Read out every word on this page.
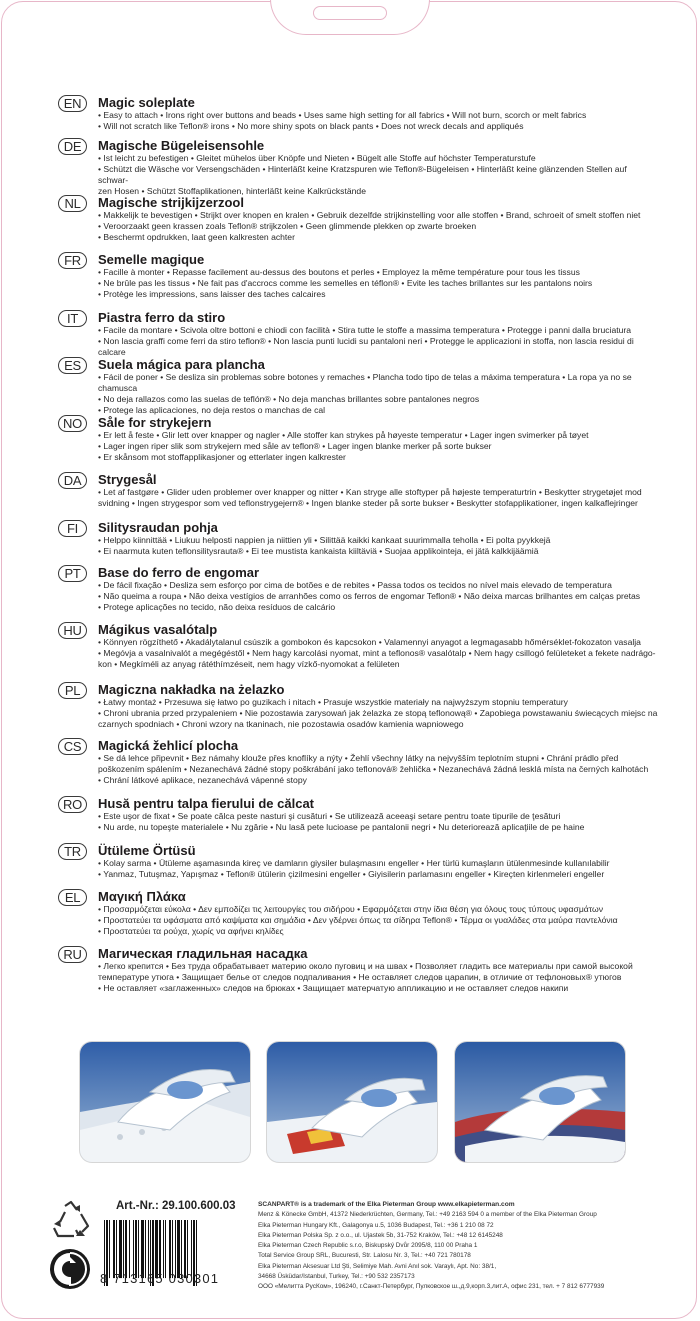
EN	Magic soleplate
• Easy to attach • Irons right over buttons and beads • Uses same high setting for all fabrics • Will not burn, scorch or melt fabrics
• Will not scratch like Teflon® irons • No more shiny spots on black pants • Does not wreck decals and appliqués
DE	Magische Bügeleisensohle
• Ist leicht zu befestigen • Gleitet mühelos über Knöpfe und Nieten • Bügelt alle Stoffe auf höchster Temperaturstufe
• Schützt die Wäsche vor Versengschäden • Hinterläßt keine Kratzspuren wie Teflon®-Bügeleisen • Hinterläßt keine glänzenden Stellen auf schwar-
zen Hosen • Schützt Stoffaplikationen, hinterläßt keine Kalkrückstände
NL	Magische strijkijzerzool
• Makkelijk te bevestigen • Strijkt over knopen en kralen • Gebruik dezelfde strijkinstelling voor alle stoffen • Brand, schroeit of smelt stoffen niet
• Veroorzaakt geen krassen zoals Teflon® strijkzolen • Geen glimmende plekken op zwarte broeken
• Beschermt opdrukken, laat geen kalkresten achter
FR	Semelle magique
• Facille à monter • Repasse facilement au-dessus des boutons et perles • Employez la même température pour tous les tissus
• Ne brûle pas les tissus • Ne fait pas d'accrocs comme les semelles en téflon® • Evite les taches brillantes sur les pantalons noirs
• Protège les impressions, sans laisser des taches calcaires
IT	Piastra ferro da stiro
• Facile da montare • Scivola oltre bottoni e chiodi con facilità • Stira tutte le stoffe a massima temperatura • Protegge i panni dalla bruciatura
• Non lascia graffi come ferri da stiro teflon® • Non lascia punti lucidi su pantaloni neri • Protegge le applicazioni in stoffa, non lascia residui di calcare
ES	Suela mágica para plancha
• Fácil de poner • Se desliza sin problemas sobre botones y remaches • Plancha todo tipo de telas a máxima temperatura • La ropa ya no se chamusca
• No deja rallazos como las suelas de teflón® • No deja manchas brillantes sobre pantalones negros
• Protege las aplicaciones, no deja restos o manchas de cal
NO	Såle for strykejern
• Er lett å feste • Glir lett over knapper og nagler • Alle stoffer kan strykes på høyeste temperatur • Lager ingen svimerker på tøyet
• Lager ingen riper slik som strykejern med såle av teflon® • Lager ingen blanke merker på sorte bukser
• Er skånsom mot stoffapplikasjoner og etterlater ingen kalkrester
DA	Strygesål
• Let af fastgøre • Glider uden problemer over knapper og nitter • Kan stryge alle stoftyper på højeste temperaturtrin • Beskytter strygetøjet mod
svidning • Ingen strygespor som ved teflonstrygejern® • Ingen blanke steder på sorte bukser • Beskytter stofapplikationer, ingen kalkaflejringer
FI	Silitysraudan pohja
• Helppo kiinnittää • Liukuu helposti nappien ja niittien yli • Silittää kaikki kankaat suurimmalla teholla • Ei polta pyykkejä
• Ei naarmuta kuten teflonsilitysrauta® • Ei tee mustista kankaista kiiltäviä • Suojaa applikointeja, ei jätä kalkkijäämiä
PT	Base do ferro de engomar
• De fácil fixação • Desliza sem esforço por cima de botões e de rebites • Passa todos os tecidos no nível mais elevado de temperatura
• Não queima a roupa • Não deixa vestígios de arranhões como os ferros de engomar Teflon® • Não deixa marcas brilhantes em calças pretas
• Protege aplicações no tecido, não deixa resíduos de calcário
HU	Mágikus vasalótalp
• Könnyen rögzíthető • Akadálytalanul csúszik a gombokon és kapcsokon • Valamennyi anyagot a legmagasabb hőmérséklet-fokozaton vasalja
• Megóvja a vasalnivalót a megégéstől • Nem hagy karcolási nyomat, mint a teflonos® vasalótalp • Nem hagy csillogó felületeket a fekete nadrágo-
kon • Megkíméli az anyag rátéthímzéseit, nem hagy vízkő-nyomokat a felületen
PL	Magiczna nakładka na żelazko
• Łatwy montaż • Przesuwa się łatwo po guzikach i nitach • Prasuje wszystkie materiały na najwyższym stopniu temperatury
• Chroni ubrania przed przypaleniem • Nie pozostawia zarysowań jak żelazka ze stopą teflonową® • Zapobiega powstawaniu świecących miejsc na
czarnych spodniach • Chroni wzory na tkaninach, nie pozostawia osadów kamienia wapniowego
CS	Magická žehlicí plocha
• Se dá lehce připevnit • Bez námahy klouže přes knoflíky a nýty • Žehlí všechny látky na nejvyšším teplotním stupni • Chrání prádlo před
poškozením spálením • Nezanechává žádné stopy poškrábání jako teflonová® žehlička • Nezanechává žádná lesklá místa na černých kalhotách
• Chrání látkové aplikace, nezanechává vápenné stopy
RO	Husă pentru talpa fierului de călcat
• Este uşor de fixat • Se poate călca peste nasturi şi cusături • Se utilizează aceeaşi setare pentru toate tipurile de ţesături
• Nu arde, nu topeşte materialele • Nu zgârie • Nu lasă pete lucioase pe pantalonii negri • Nu deteriorează aplicaţiile de pe haine
TR	Ütüleme Örtüsü
• Kolay sarma • Ütüleme aşamasında kireç ve damların giysiler bulaşmasını engeller • Her türlü kumaşların ütülenmesinde kullanılabilir
• Yanmaz, Tutuşmaz, Yapışmaz • Teflon® ütülerin çizilmesini engeller • Giyisilerin parlamasını engeller • Kireçten kirlenmeleri engeller
EL	Μαγική Πλάκα
• Προσαρμόζεται εύκολα • Δεν εμποδίζει τις λειτουργίες του σιδήρου • Εφαρμόζεται στην ίδια θέση για όλους τους τύπους υφασμάτων
• Προστατεύει τα υφάσματα από καψίματα και σημάδια • Δεν γδέρνει όπως τα σίδηρα Teflon® • Τέρμα οι γυαλάδες στα μαύρα παντελόνια
• Προστατεύει τα ρούχα, χωρίς να αφήνει κηλίδες
RU	Магическая гладильная насадка
• Легко крепится • Без труда обрабатывает материю около пуговиц и на швах • Позволяет гладить все материалы при самой высокой
температуре утюга • Защищает белье от следов подпаливания • Не оставляет следов царапин, в отличие от тефлоновых® утюгов
• Не оставляет «заглаженных» следов на брюках • Защищает матерчатую аппликацию и не оставляет следов накипи
Art.-Nr.: 29.100.600.03
8 713165 030301
SCANPART® is a trademark of the Elka Pieterman Group www.elkapieterman.com
Menz & Könecke GmbH, 41372 Niederkrüchten, Germany, Tel.: +49 2163 594 0 a member of the Elka Pieterman Group
Elka Pieterman Hungary Kft., Galagonya u.5, 1036 Budapest, Tel.: +36 1 210 08 72
Elka Pieterman Polska Sp. z o.o., ul. Ujastek 5b, 31-752 Kraków, Tel.: +48 12 6145248
Elka Pieterman Czech Republic s.r.o, Biskupský Dvůr 2095/8, 110 00 Praha 1
Total Service Group SRL, Bucuresti, Str. Lalosu Nr. 3, Tel.: +40 721 780178
Elka Pieterman Aksesuar Ltd Şti, Selimiye Mah. Avni Anıl sok. Varaylı, Apt. No: 38/1,
34668 Üsküdar/Istanbul, Turkey, Tel.: +90 532 2357173
ООО «Мелитта РусКом», 196240, г.Санкт-Петербург, Пулковское ш.,д.9,корп.3,лит.А, офис 231, тел. + 7 812 6777939
